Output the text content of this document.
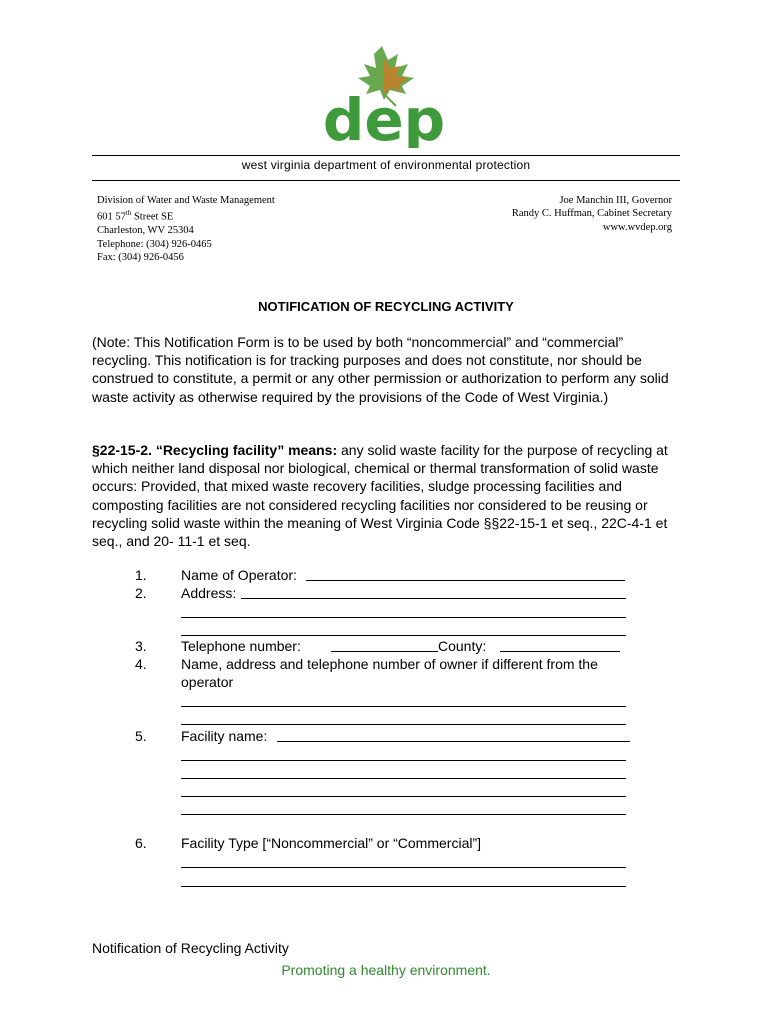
dep
west virginia department of environmental protection
Division of Water and Waste Management
601 57th Street SE
Charleston, WV 25304
Telephone: (304) 926-0465
Fax: (304) 926-0456
Joe Manchin III, Governor
Randy C. Huffman, Cabinet Secretary
www.wvdep.org
NOTIFICATION OF RECYCLING ACTIVITY
(Note: This Notification Form is to be used by both “noncommercial” and “commercial” recycling. This notification is for tracking purposes and does not constitute, nor should be construed to constitute, a permit or any other permission or authorization to perform any solid waste activity as otherwise required by the provisions of the Code of West Virginia.)
§22-15-2. “Recycling facility” means: any solid waste facility for the purpose of recycling at which neither land disposal nor biological, chemical or thermal transformation of solid waste occurs: Provided, that mixed waste recovery facilities, sludge processing facilities and composting facilities are not considered recycling facilities nor considered to be reusing or recycling solid waste within the meaning of West Virginia Code §§22-15-1 et seq., 22C-4-1 et seq., and 20- 11-1 et seq.
1. Name of Operator:
2. Address:
3. Telephone number:	County:
4. Name, address and telephone number of owner if different from the
operator
5. Facility name:
6. Facility Type [“Noncommercial” or “Commercial”]
Notification of Recycling Activity
Promoting a healthy environment.
